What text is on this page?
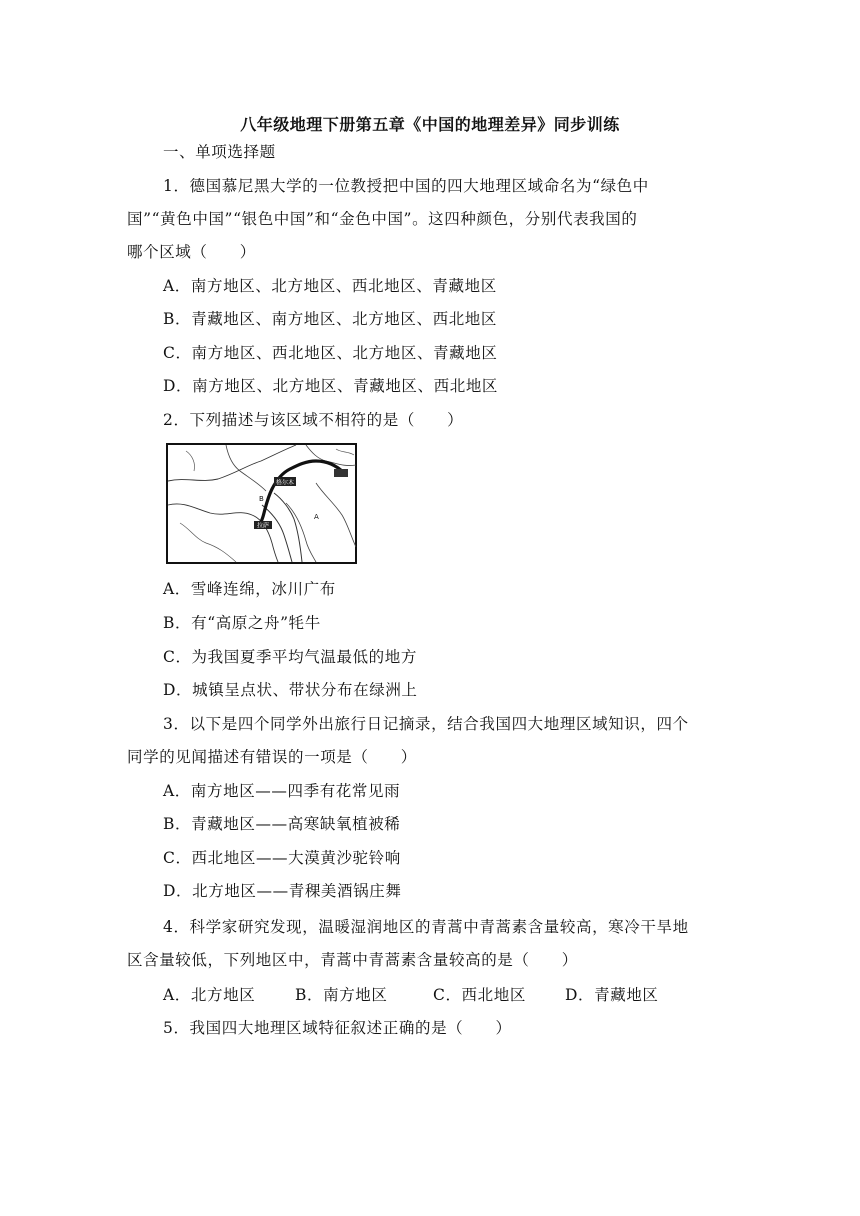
八年级地理下册第五章《中国的地理差异》同步训练
一、单项选择题
1．德国慕尼黑大学的一位教授把中国的四大地理区域命名为“绿色中
国”“黄色中国”“银色中国”和“金色中国”。这四种颜色，分别代表我国的
哪个区域（　　）
A．南方地区、北方地区、西北地区、青藏地区
B．青藏地区、南方地区、北方地区、西北地区
C．南方地区、西北地区、北方地区、青藏地区
D．南方地区、北方地区、青藏地区、西北地区
2．下列描述与该区域不相符的是（　　）
格尔木
拉萨
A
B
A．雪峰连绵，冰川广布
B．有“高原之舟”牦牛
C．为我国夏季平均气温最低的地方
D．城镇呈点状、带状分布在绿洲上
3．以下是四个同学外出旅行日记摘录，结合我国四大地理区域知识，四个
同学的见闻描述有错误的一项是（　　）
A．南方地区——四季有花常见雨
B．青藏地区——高寒缺氧植被稀
C．西北地区——大漠黄沙驼铃响
D．北方地区——青稞美酒锅庄舞
4．科学家研究发现，温暖湿润地区的青蒿中青蒿素含量较高，寒冷干旱地
区含量较低，下列地区中，青蒿中青蒿素含量较高的是（　　）
A．北方地区	B．南方地区	C．西北地区	D．青藏地区
5．我国四大地理区域特征叙述正确的是（　　）
